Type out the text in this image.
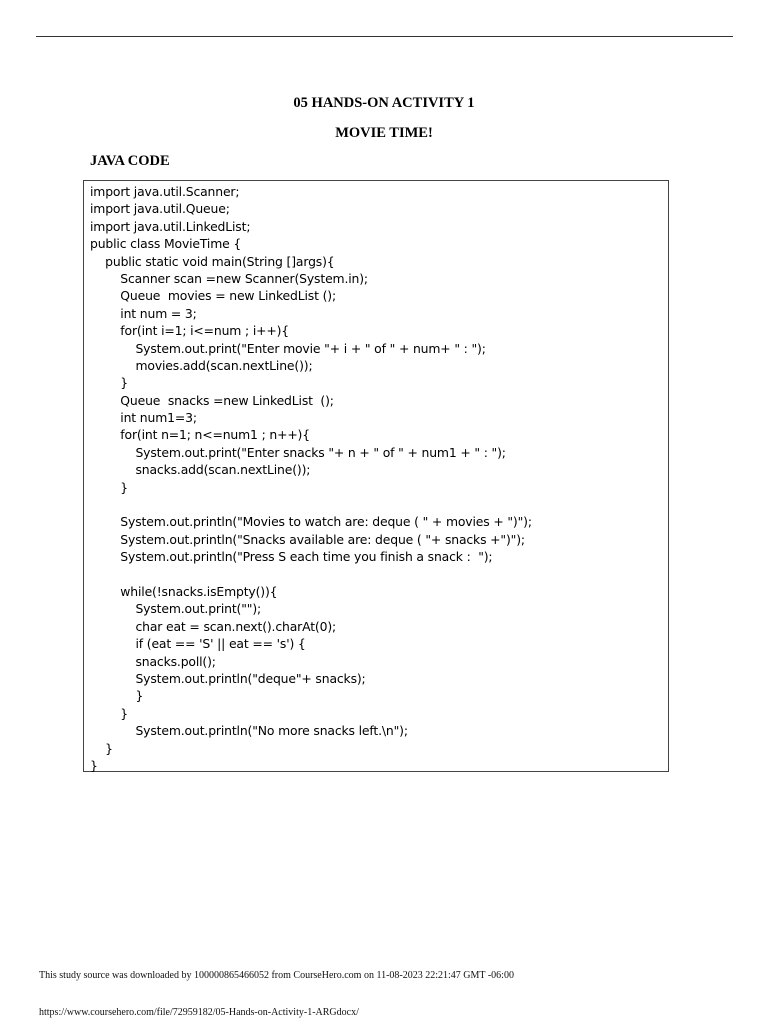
05 HANDS-ON ACTIVITY 1
MOVIE TIME!
JAVA CODE
import java.util.Scanner;
import java.util.Queue;
import java.util.LinkedList;
public class MovieTime {
public static void main(String []args){
Scanner scan =new Scanner(System.in);
Queue  movies = new LinkedList ();
int num = 3;
for(int i=1; i<=num ; i++){
System.out.print("Enter movie "+ i + " of " + num+ " : ");
movies.add(scan.nextLine());
}
Queue  snacks =new LinkedList  ();
int num1=3;
for(int n=1; n<=num1 ; n++){
System.out.print("Enter snacks "+ n + " of " + num1 + " : ");
snacks.add(scan.nextLine());
}
System.out.println("Movies to watch are: deque ( " + movies + ")");
System.out.println("Snacks available are: deque ( "+ snacks +")");
System.out.println("Press S each time you finish a snack :  ");
while(!snacks.isEmpty()){
System.out.print("");
char eat = scan.next().charAt(0);
if (eat == 'S' || eat == 's') {
snacks.poll();
System.out.println("deque"+ snacks);
}
}
System.out.println("No more snacks left.\n");
}
}
This study source was downloaded by 100000865466052 from CourseHero.com on 11-08-2023 22:21:47 GMT -06:00
https://www.coursehero.com/file/72959182/05-Hands-on-Activity-1-ARGdocx/
